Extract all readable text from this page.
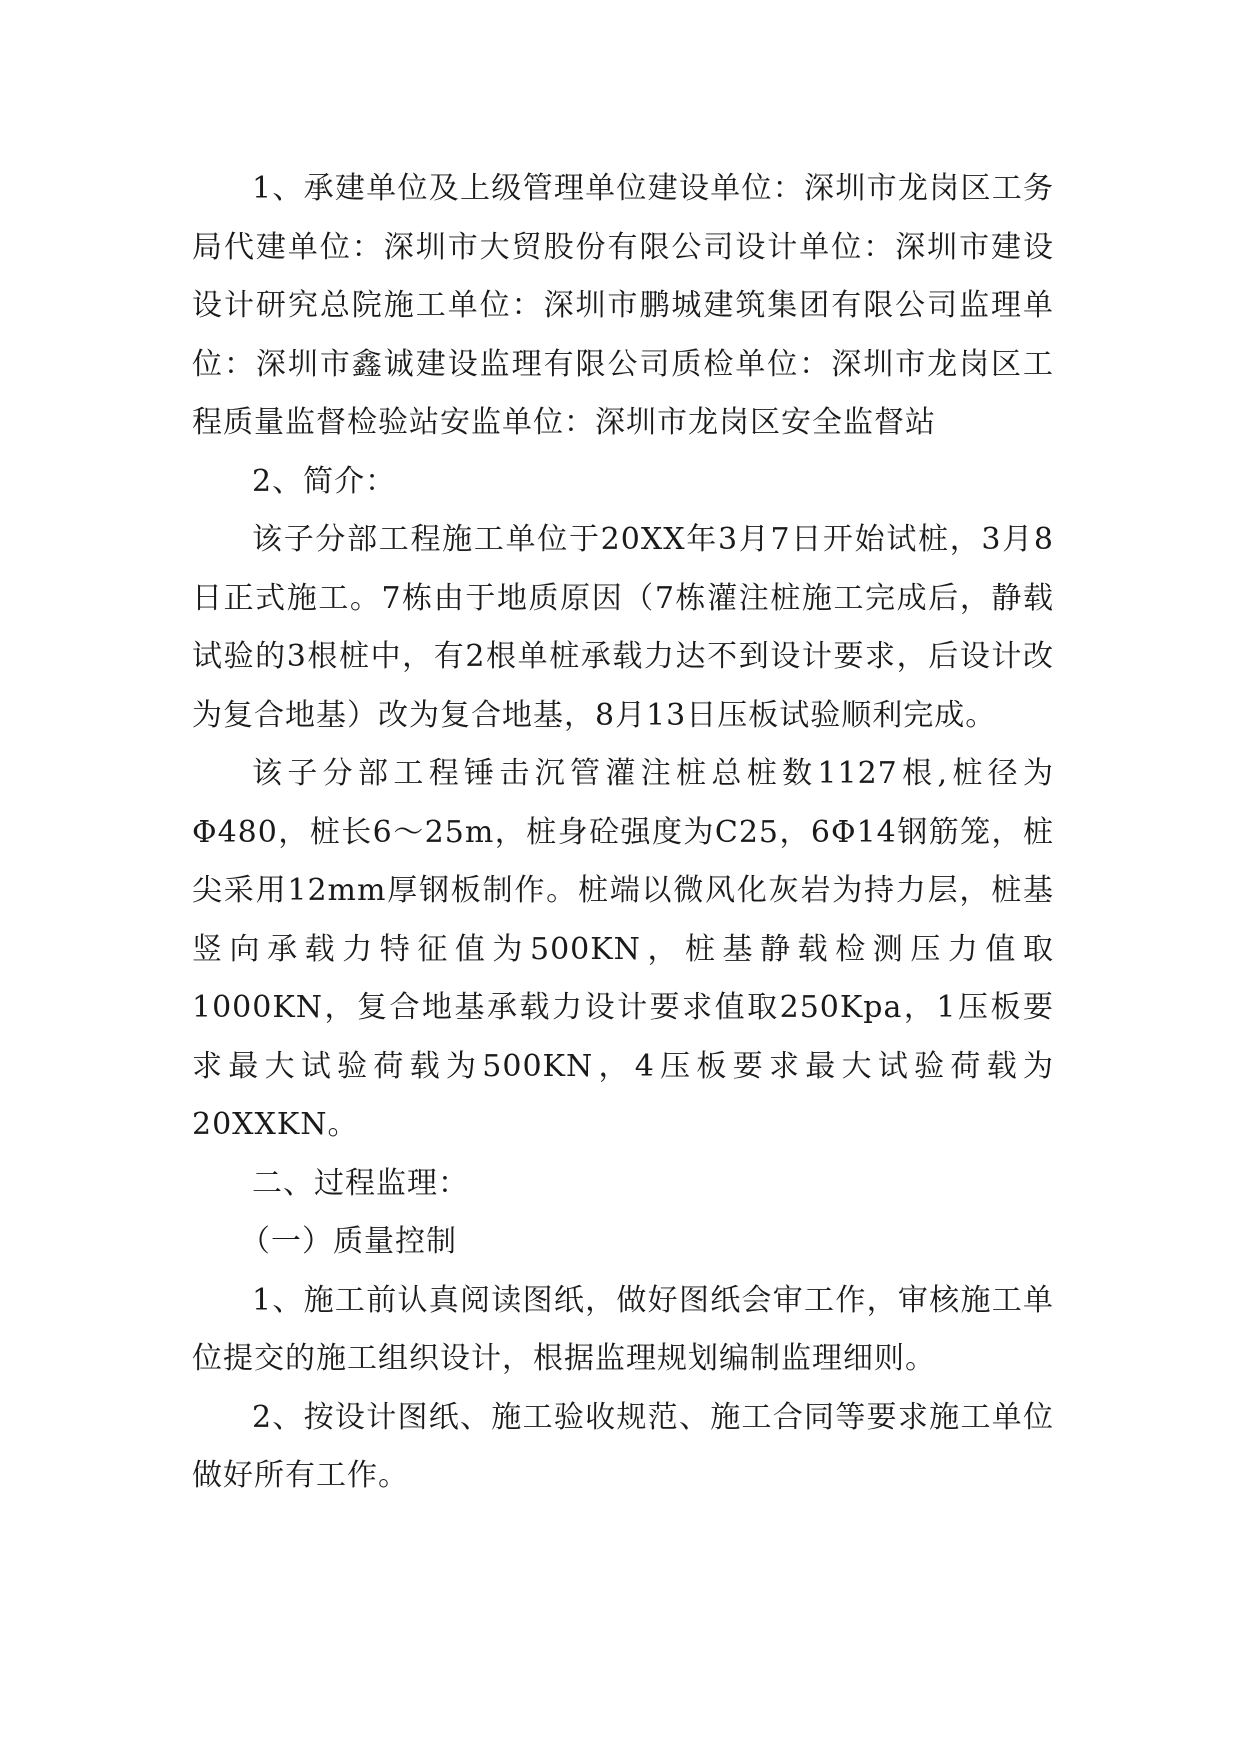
1、承建单位及上级管理单位建设单位：深圳市龙岗区工务局代建单位：深圳市大贸股份有限公司设计单位：深圳市建设设计研究总院施工单位：深圳市鹏城建筑集团有限公司监理单位：深圳市鑫诚建设监理有限公司质检单位：深圳市龙岗区工程质量监督检验站安监单位：深圳市龙岗区安全监督站

2、简介：

该子分部工程施工单位于20XX年3月7日开始试桩，3月8日正式施工。7栋由于地质原因（7栋灌注桩施工完成后，静载试验的3根桩中，有2根单桩承载力达不到设计要求，后设计改为复合地基）改为复合地基，8月13日压板试验顺利完成。

该子分部工程锤击沉管灌注桩总桩数1127根,桩径为Φ480，桩长6～25m，桩身砼强度为C25，6Φ14钢筋笼，桩尖采用12mm厚钢板制作。桩端以微风化灰岩为持力层，桩基竖向承载力特征值为500KN，桩基静载检测压力值取1000KN，复合地基承载力设计要求值取250Kpa，1压板要求最大试验荷载为500KN，4压板要求最大试验荷载为20XXKN。

二、过程监理：

（一）质量控制

1、施工前认真阅读图纸，做好图纸会审工作，审核施工单位提交的施工组织设计，根据监理规划编制监理细则。

2、按设计图纸、施工验收规范、施工合同等要求施工单位做好所有工作。
